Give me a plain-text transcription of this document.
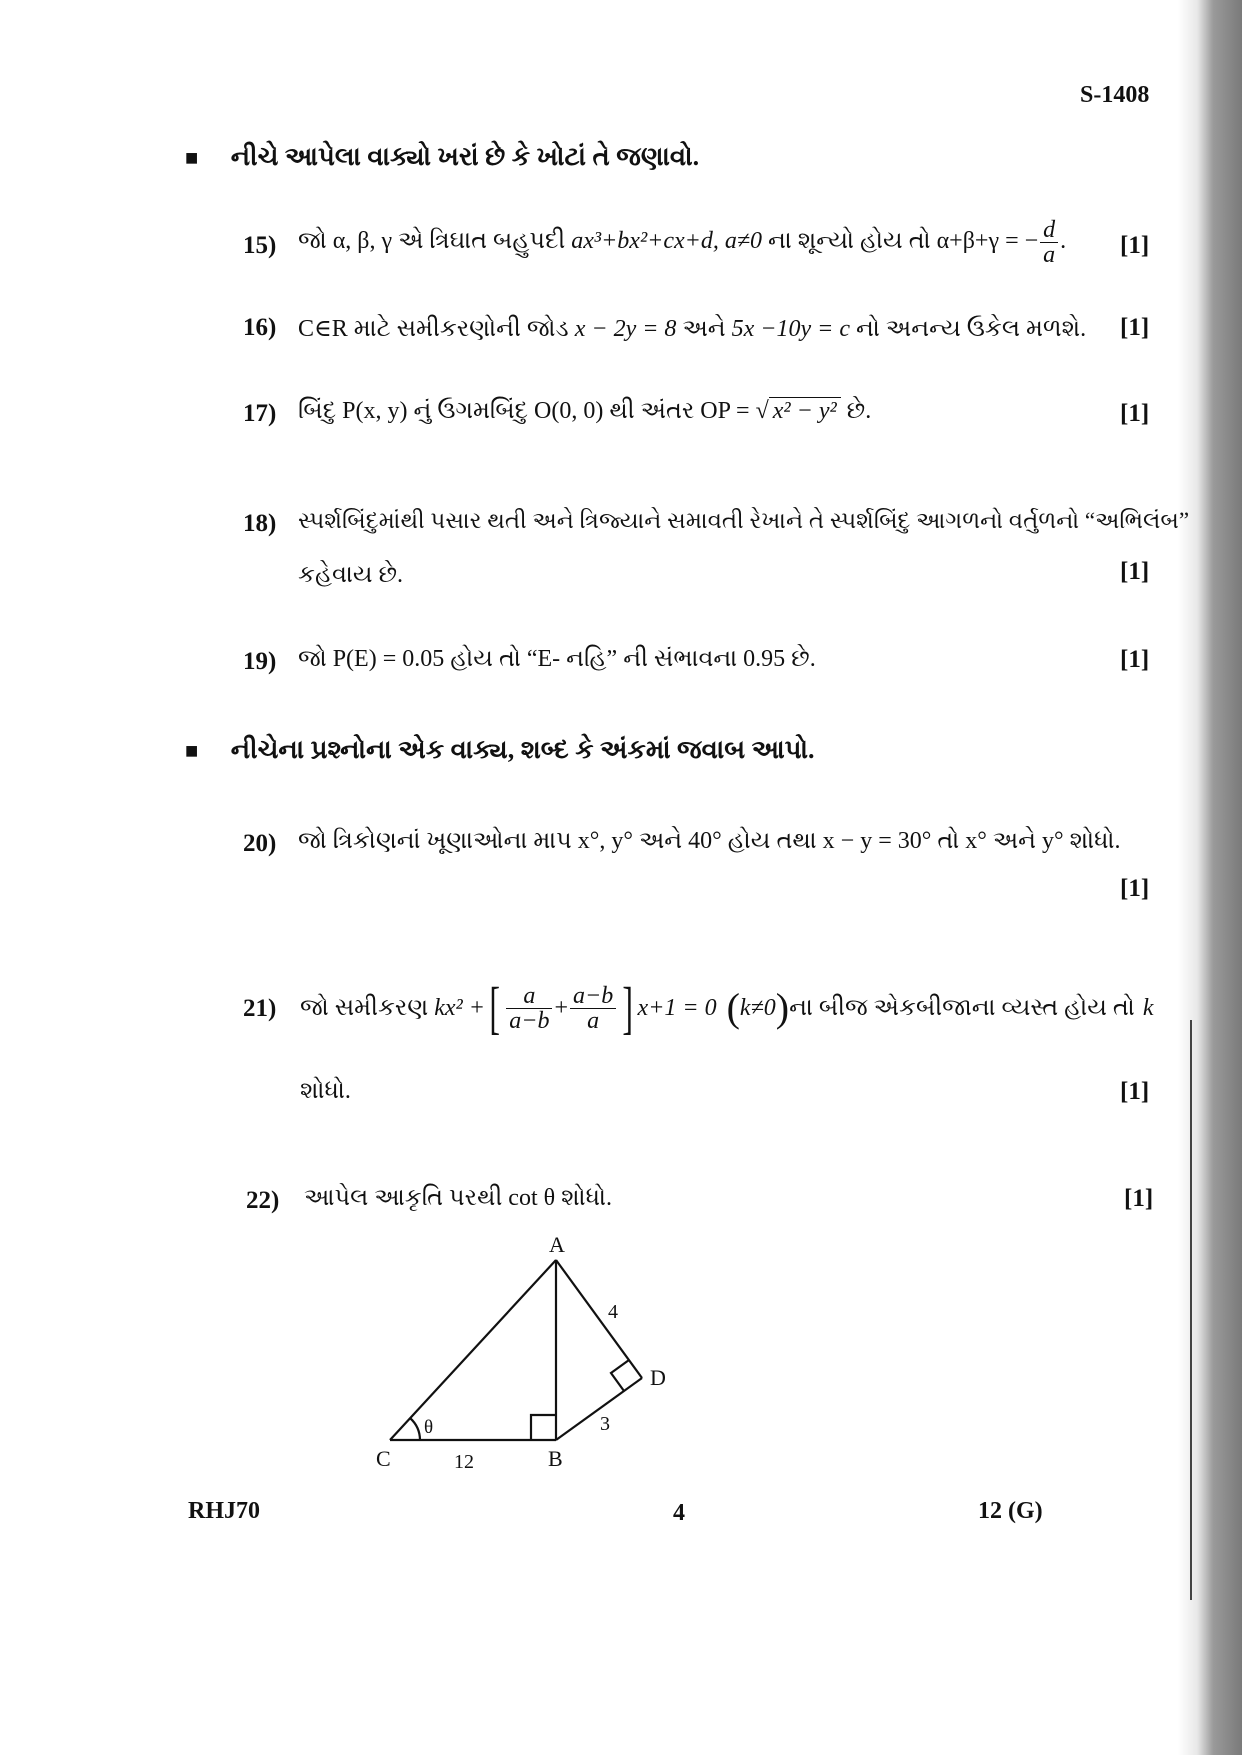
S-1408
■ નીચે આપેલા વાક્યો ખરાં છે કે ખોટાં તે જણાવો.
15) જો α, β, γ એ ત્રિઘાત બહુપદી ax³+bx²+cx+d, a≠0 ના શૂન્યો હોય તો α+β+γ = − $\frac{d}{a}$ . [1]
16) C∈R માટે સમીકરણોની જોડ x − 2y = 8 અને 5x −10y = c નો અનન્ય ઉકેલ મળશે. [1]
17) બિંદુ P(x, y) નું ઉગમબિંદુ O(0, 0) થી અંતર OP = √ x² − y² છે.	[1]
18) સ્પર્શબિંદુમાંથી પસાર થતી અને ત્રિજ્યાને સમાવતી રેખાને તે સ્પર્શબિંદુ આગળનો વર્તુળનો “અભિલંબ”
કહેવાય છે.	[1]
19) જો P(E) = 0.05 હોય તો “E- નહિ” ની સંભાવના 0.95 છે.	[1]
■ નીચેના પ્રશ્નોના એક વાક્ય, શબ્દ કે અંકમાં જવાબ આપો.
20) જો ત્રિકોણનાં ખૂણાઓના માપ x°, y° અને 40° હોય તથા x − y = 30° તો x° અને y° શોધો.
[1]
21) જો સમીકરણ kx² + [ $\frac{a}{a-b} + \frac{a-b}{a}$ ] x+1 = 0 ( k≠0 ) ના બીજ એકબીજાના વ્યસ્ત હોય તો k
શોધો.	[1]
22) આપેલ આકૃતિ પરથી cot θ શોધો.	[1]
A
B
C
D
θ
4
3
12
RHJ70	4	12 (G)
